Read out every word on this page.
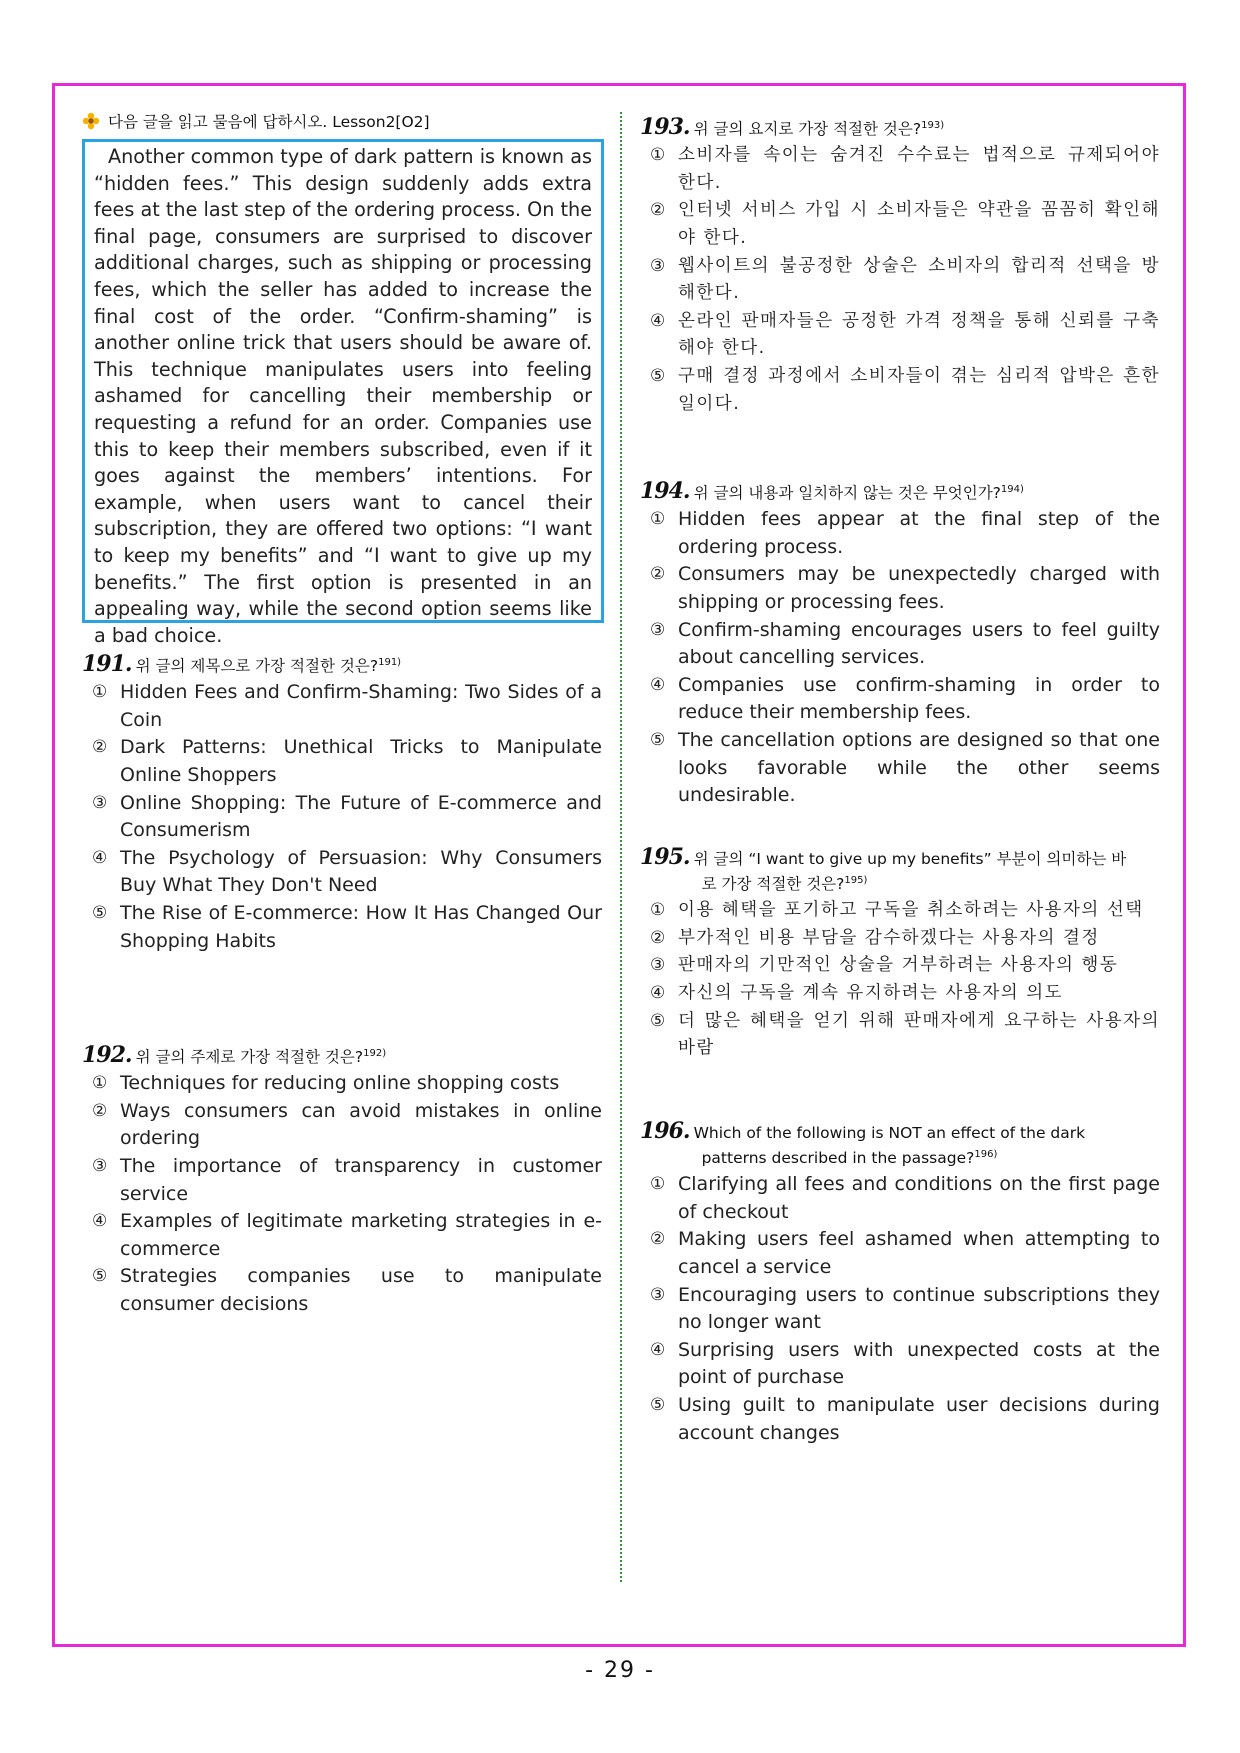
다음 글을 읽고 물음에 답하시오. Lesson2[O2]
Another common type of dark pattern is known as “hidden fees.” This design suddenly adds extra fees at the last step of the ordering process. On the final page, consumers are surprised to discover additional charges, such as shipping or processing fees, which the seller has added to increase the final cost of the order. “Confirm-shaming” is another online trick that users should be aware of. This technique manipulates users into feeling ashamed for cancelling their membership or requesting a refund for an order. Companies use this to keep their members subscribed, even if it goes against the members’ intentions. For example, when users want to cancel their subscription, they are offered two options: “I want to keep my benefits” and “I want to give up my benefits.” The first option is presented in an appealing way, while the second option seems like a bad choice.
191. 위 글의 제목으로 가장 적절한 것은?$^{191)}$
① Hidden Fees and Confirm-Shaming: Two Sides of a Coin
② Dark Patterns: Unethical Tricks to Manipulate Online Shoppers
③ Online Shopping: The Future of E-commerce and Consumerism
④ The Psychology of Persuasion: Why Consumers Buy What They Don't Need
⑤ The Rise of E-commerce: How It Has Changed Our Shopping Habits
192. 위 글의 주제로 가장 적절한 것은?$^{192)}$
① Techniques for reducing online shopping costs
② Ways consumers can avoid mistakes in online ordering
③ The importance of transparency in customer service
④ Examples of legitimate marketing strategies in e-commerce
⑤ Strategies companies use to manipulate consumer decisions
193. 위 글의 요지로 가장 적절한 것은?$^{193)}$
① 소비자를 속이는 숨겨진 수수료는 법적으로 규제되어야 한다.
② 인터넷 서비스 가입 시 소비자들은 약관을 꼼꼼히 확인해야 한다.
③ 웹사이트의 불공정한 상술은 소비자의 합리적 선택을 방해한다.
④ 온라인 판매자들은 공정한 가격 정책을 통해 신뢰를 구축해야 한다.
⑤ 구매 결정 과정에서 소비자들이 겪는 심리적 압박은 흔한 일이다.
194. 위 글의 내용과 일치하지 않는 것은 무엇인가?$^{194)}$
① Hidden fees appear at the final step of the ordering process.
② Consumers may be unexpectedly charged with shipping or processing fees.
③ Confirm-shaming encourages users to feel guilty about cancelling services.
④ Companies use confirm-shaming in order to reduce their membership fees.
⑤ The cancellation options are designed so that one looks favorable while the other seems undesirable.
195. 위 글의 “I want to give up my benefits” 부분이 의미하는 바
로 가장 적절한 것은?$^{195)}$
① 이용 혜택을 포기하고 구독을 취소하려는 사용자의 선택
② 부가적인 비용 부담을 감수하겠다는 사용자의 결정
③ 판매자의 기만적인 상술을 거부하려는 사용자의 행동
④ 자신의 구독을 계속 유지하려는 사용자의 의도
⑤ 더 많은 혜택을 얻기 위해 판매자에게 요구하는 사용자의 바람
196. Which of the following is NOT an effect of the dark
patterns described in the passage?$^{196)}$
① Clarifying all fees and conditions on the first page of checkout
② Making users feel ashamed when attempting to cancel a service
③ Encouraging users to continue subscriptions they no longer want
④ Surprising users with unexpected costs at the point of purchase
⑤ Using guilt to manipulate user decisions during account changes
- 29 -
